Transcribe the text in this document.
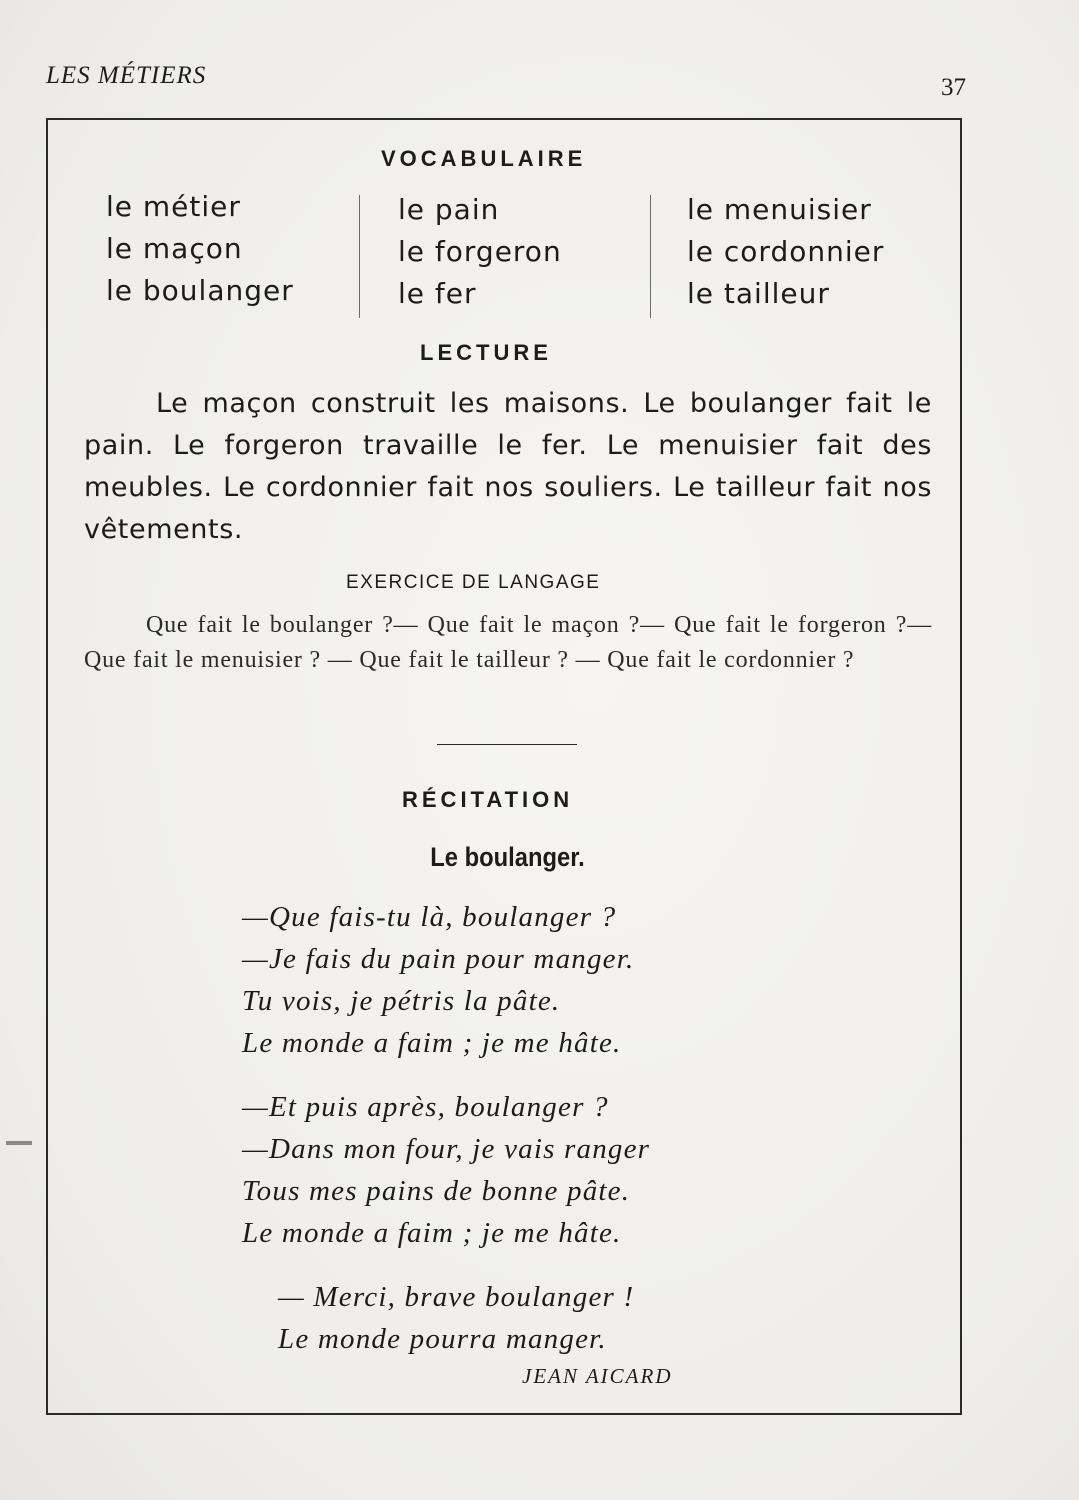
LES MÉTIERS	37
VOCABULAIRE
le métier
le maçon
le boulanger
le pain
le forgeron
le fer
le menuisier
le cordonnier
le tailleur
LECTURE
Le maçon construit les maisons. Le boulanger fait le pain. Le forgeron travaille le fer. Le menuisier fait des meubles. Le cordonnier fait nos souliers. Le tailleur fait nos vêtements.
EXERCICE DE LANGAGE
Que fait le boulanger ?— Que fait le maçon ?— Que fait le forgeron ?— Que fait le menuisier ? — Que fait le tailleur ? — Que fait le cordonnier ?
RÉCITATION
Le boulanger.
—Que fais-tu là, boulanger ?
—Je fais du pain pour manger.
Tu vois, je pétris la pâte.
Le monde a faim ; je me hâte.
—Et puis après, boulanger ?
—Dans mon four, je vais ranger
Tous mes pains de bonne pâte.
Le monde a faim ; je me hâte.
— Merci, brave boulanger !
Le monde pourra manger.
JEAN AICARD
